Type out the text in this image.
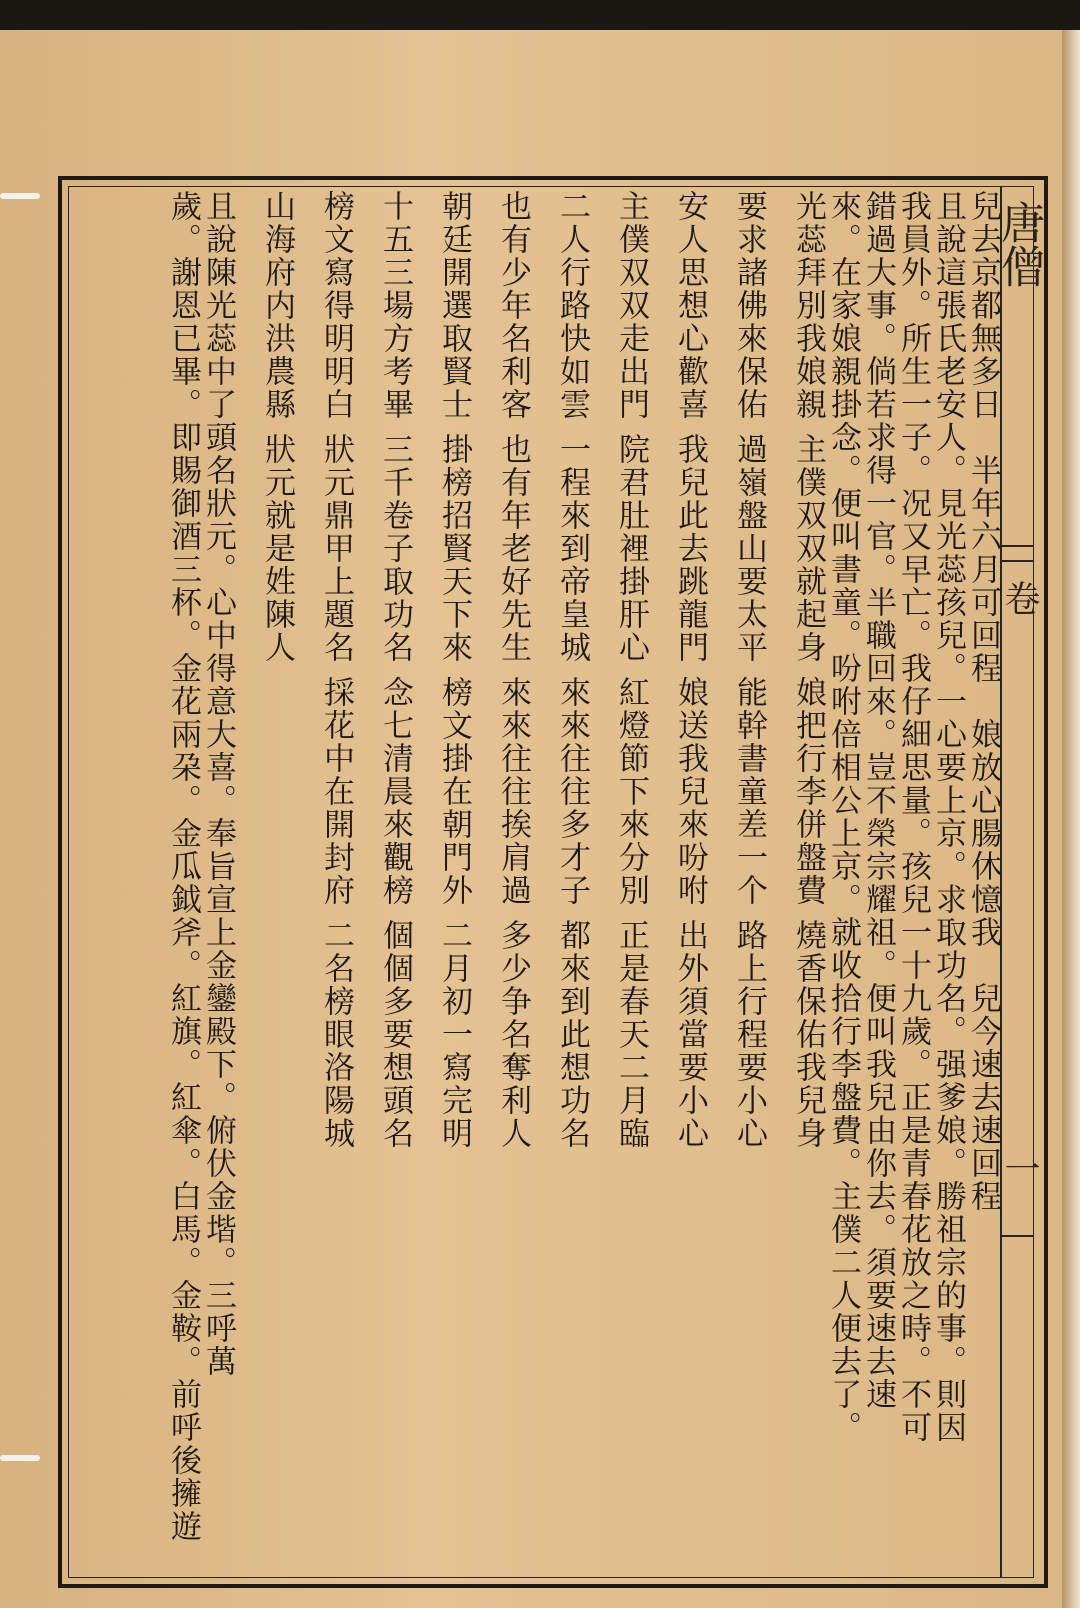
唐僧
卷
一
兒去京都無多日　半年六月可回程　娘放心腸休憶我　兒今速去速回程
且說這張氏老安人。見光蕊孩兒。一心要上京。求取功名。强爹娘。勝祖宗的事。則因
我員外。所生一子。况又早亡。我仔細思量。孩兒一十九歲。正是青春花放之時。不可
錯過大事。倘若求得一官。半職回來。豈不榮宗耀祖。便叫我兒由你去。須要速去速
來。在家娘親掛念。便叫書童。吩咐倍相公上京。就收拾行李盤費。主僕二人便去了。
光蕊拜別我娘親 主僕双双就起身 娘把行李併盤費 燒香保佑我兒身
要求諸佛來保佑 過嶺盤山要太平 能幹書童差一个 路上行程要小心
安人思想心歡喜 我兒此去跳龍門 娘送我兒來吩咐 出外須當要小心
主僕双双走出門 院君肚裡掛肝心 紅燈節下來分別 正是春天二月臨
二人行路快如雲 一程來到帝皇城 來來往往多才子 都來到此想功名
也有少年名利客 也有年老好先生 來來往往挨肩過 多少争名奪利人
朝廷開選取賢士 掛榜招賢天下來 榜文掛在朝門外 二月初一寫完明
十五三場方考畢 三千卷子取功名 念七清晨來觀榜 個個多要想頭名
榜文寫得明明白 狀元鼎甲上題名 採花中在開封府 二名榜眼洛陽城
山海府内洪農縣 狀元就是姓陳人
且說陳光蕊中了頭名狀元。心中得意大喜。奉旨宣上金鑾殿下。俯伏金堦。三呼萬
歲。謝恩已畢。即賜御酒三杯。金花兩朶。金瓜鉞斧。紅旗。紅傘。白馬。金鞍。前呼後擁遊
